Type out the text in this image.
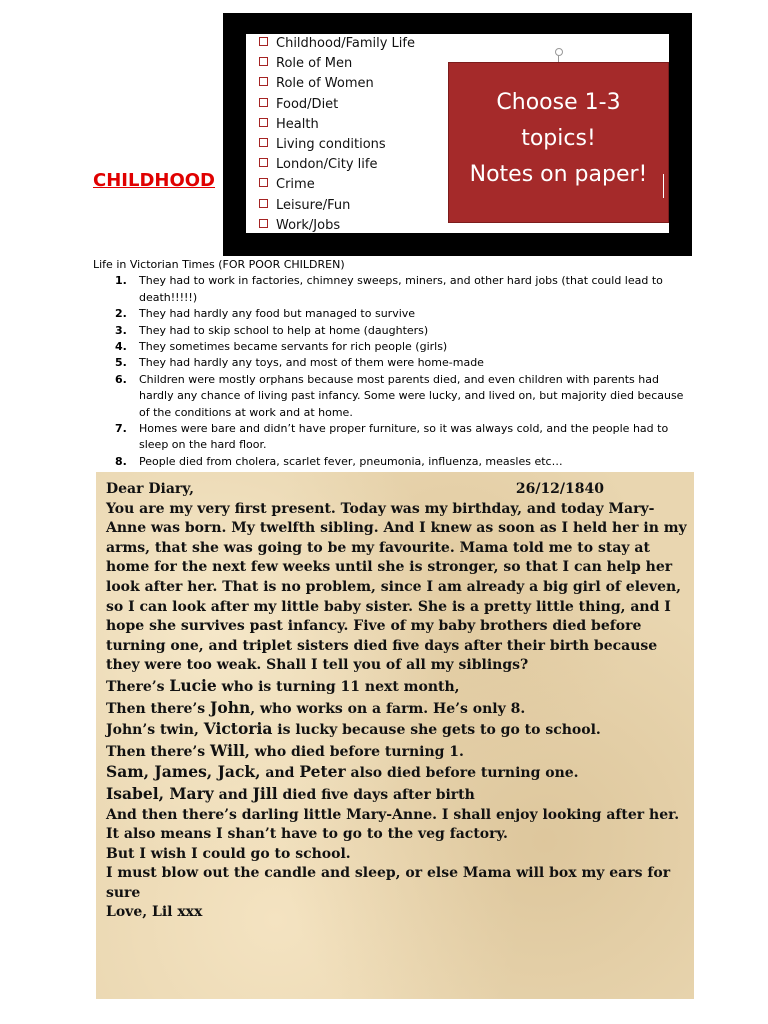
CHILDHOOD
Childhood/Family Life
Role of Men
Role of Women
Food/Diet
Health
Living conditions
London/City life
Crime
Leisure/Fun
Work/Jobs
Choose 1-3
topics!
Notes on paper!
Life in Victorian Times (FOR POOR CHILDREN)
1. They had to work in factories, chimney sweeps, miners, and other hard jobs (that could lead to death!!!!!)
2. They had hardly any food but managed to survive
3. They had to skip school to help at home (daughters)
4. They sometimes became servants for rich people (girls)
5. They had hardly any toys, and most of them were home-made
6. Children were mostly orphans because most parents died, and even children with parents had hardly any chance of living past infancy. Some were lucky, and lived on, but majority died because of the conditions at work and at home.
7. Homes were bare and didn’t have proper furniture, so it was always cold, and the people had to sleep on the hard floor.
8. People died from cholera, scarlet fever, pneumonia, influenza, measles etc…

Dear Diary,	26/12/1840

You are my very first present. Today was my birthday, and today Mary-Anne was born. My twelfth sibling. And I knew as soon as I held her in my arms, that she was going to be my favourite. Mama told me to stay at home for the next few weeks until she is stronger, so that I can help her look after her. That is no problem, since I am already a big girl of eleven, so I can look after my little baby sister. She is a pretty little thing, and I hope she survives past infancy. Five of my baby brothers died before turning one, and triplet sisters died five days after their birth because they were too weak. Shall I tell you of all my siblings?

There’s Lucie who is turning 11 next month,

Then there’s John, who works on a farm. He’s only 8.

John’s twin, Victoria is lucky because she gets to go to school.

Then there’s Will, who died before turning 1.

Sam, James, Jack, and Peter also died before turning one.

Isabel, Mary and Jill died five days after birth

And then there’s darling little Mary-Anne. I shall enjoy looking after her.

It also means I shan’t have to go to the veg factory.

But I wish I could go to school.

I must blow out the candle and sleep, or else Mama will box my ears for sure

Love, Lil xxx
